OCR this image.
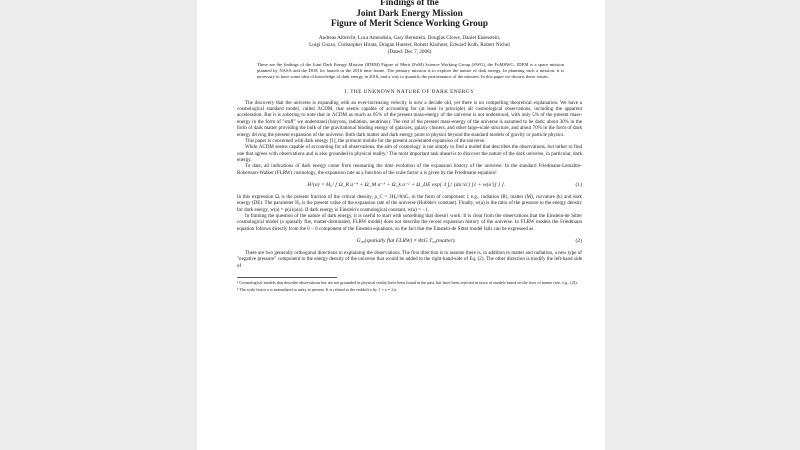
Findings of the
Joint Dark Energy Mission
Figure of Merit Science Working Group
Andreas Albrecht, Luca Amendola, Gary Bernstein, Douglas Clowe, Daniel Eisenstein,
Luigi Guzzo, Christopher Hirata, Dragan Huterer, Robert Kirshner, Edward Kolb, Robert Nichol
(Dated: Dec 7, 2008)
These are the findings of the Joint Dark Energy Mission (JDEM) Figure of Merit (FoM) Science Working Group (SWG), the FoMSWG. JDEM is a space mission planned by NASA and the DOE for launch in the 2016 time frame. The primary mission is to explore the nature of dark energy. In planning such a mission, it is necessary to have some idea of knowledge of dark energy in 2016, and a way to quantify the performance of the mission. In this paper we discuss these issues.
I. THE UNKNOWN NATURE OF DARK ENERGY

The discovery that the universe is expanding with an ever-increasing velocity is now a decade old, yet there is no compelling theoretical explanation. We have a cosmological standard model, called ΛCDM, that seems capable of accounting for (at least in principle) all cosmological observations, including the apparent acceleration. But it is sobering to note that in ΛCDM as much as 95% of the present mass-energy of the universe is not understood, with only 5% of the present mass-energy in the form of "stuff" we understand (baryons, radiation, neutrinos). The rest of the present mass-energy of the universe is assumed to be dark: about 30% in the form of dark matter providing the bulk of the gravitational binding energy of galaxies, galaxy clusters, and other large-scale structure, and about 70% in the form of dark energy driving the present expansion of the universe. Both dark matter and dark energy point to physics beyond the standard models of gravity or particle physics.

This paper is concerned with dark energy [1], the primum mobile for the present accelerated expansion of the universe.

While ΛCDM seems capable of accounting for all observations, the aim of cosmology is not simply to find a model that describes the observations, but rather to find one that agrees with observations and is also grounded in physical reality.¹ The most important task ahead is to discover the nature of the dark universe, in particular, dark energy.

To date, all indications of dark energy come from measuring the time evolution of the expansion history of the universe. In the standard Friedmann-Lemaître-Robertson-Walker (FLRW) cosmology, the expansion rate as a function of the scale factor a is given by the Friedmann equation²

H²(a) = H₀² [ Ω_R a⁻⁴ + Ω_M a⁻³ + Ω_k a⁻² + Ω_DE exp{ 3 ∫ₐ¹ (da′/a′) [1 + w(a′)] } ].	(1)

In this expression Ωᵢ is the present fraction of the critical density, ρ_C = 3H₀²/8πG, in the form of component i; e.g., radiation (R), matter (M), curvature (k) and dark energy (DE). The parameter H₀ is the present value of the expansion rate of the universe (Hubble's constant). Finally, w(a) is the ratio of the pressure to the energy density for dark energy, w(a) = p(a)/ρ(a). If dark energy is Einstein's cosmological constant, w(a) = −1.

In framing the question of the nature of dark energy, it is useful to start with something that doesn't work: It is clear from the observations that the Einstein-de Sitter cosmological model (a spatially flat, matter-dominated, FLRW model) does not describe the recent expansion history of the universe. In FLRW models the Friedmann equation follows directly from the 0 − 0 component of the Einstein equations, so the fact that the Einstein-de Sitter model fails can be expressed as

G₀₀(spatially flat FLRW) ≠ 8πG T₀₀(matter).	(2)

There are two generally orthogonal directions in explaining the observations. The first direction is to assume there is, in addition to matter and radiation, a new type of "negative pressure" component to the energy density of the universe that would be added to the right-hand-side of Eq. (2). The other direction is modify the left-hand side of

¹ Cosmological models that describe observations but are not grounded in physical reality have been found in the past, but have been rejected in favor of models based on the laws of nature (see, e.g., [2]).
² The scale factor a is normalized to unity at present. It is related to the redshift z by 1 + z = 1/a.
